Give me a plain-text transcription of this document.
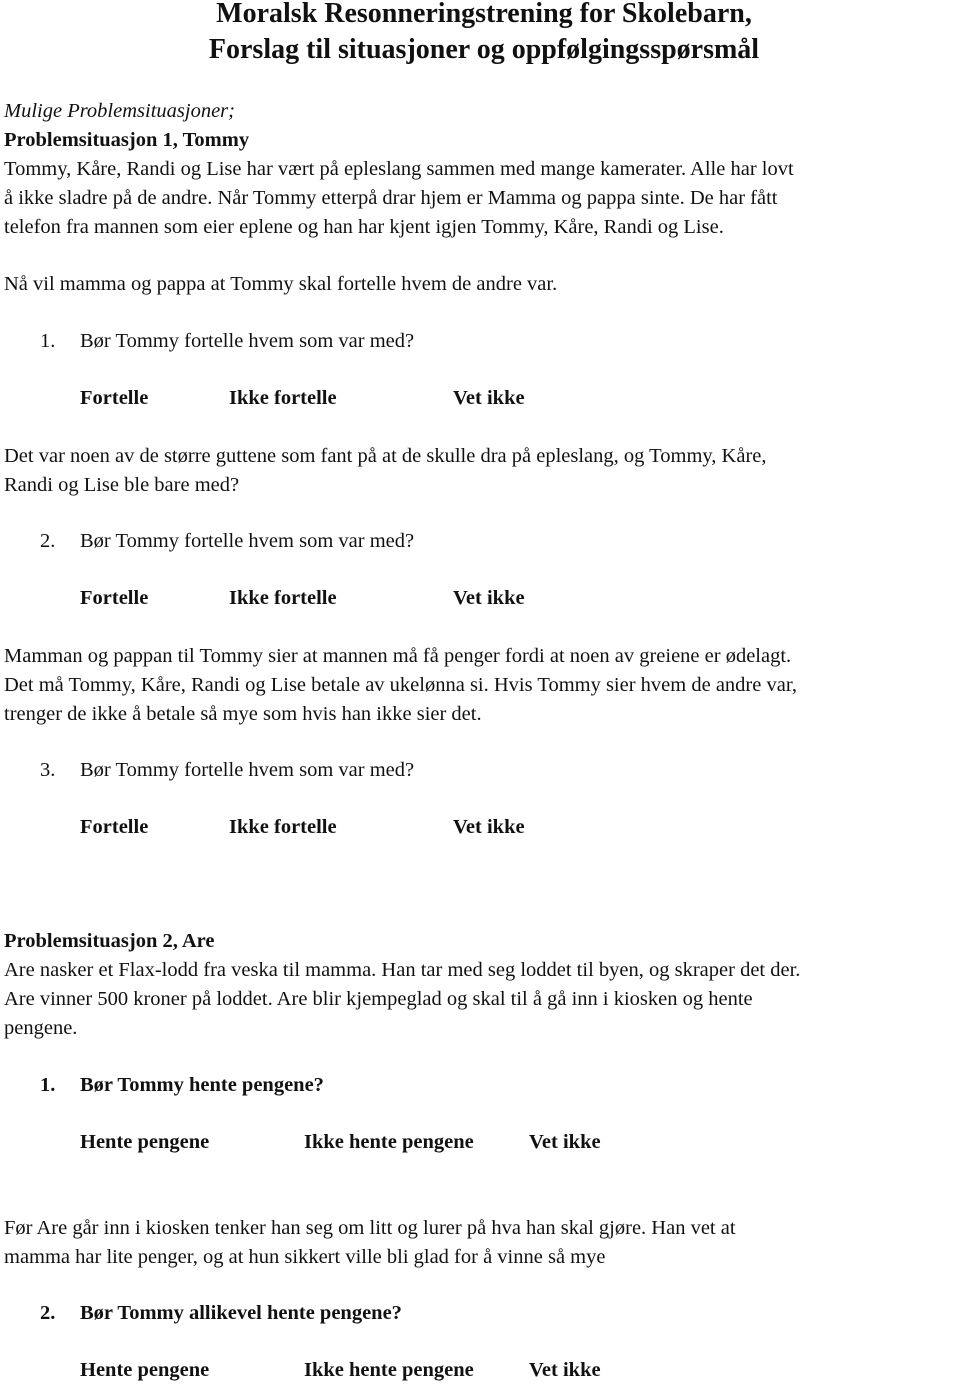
Moralsk Resonneringstrening for Skolebarn,
Forslag til situasjoner og oppfølgingsspørsmål
Mulige Problemsituasjoner;
Problemsituasjon 1, Tommy
Tommy, Kåre, Randi og Lise har vært på epleslang sammen med mange kamerater. Alle har lovt
å ikke sladre på de andre. Når Tommy etterpå drar hjem er Mamma og pappa sinte. De har fått
telefon fra mannen som eier eplene og han har kjent igjen Tommy, Kåre, Randi og Lise.
Nå vil mamma og pappa at Tommy skal fortelle hvem de andre var.
1. Bør Tommy fortelle hvem som var med?
Fortelle	Ikke fortelle	Vet ikke
Det var noen av de større guttene som fant på at de skulle dra på epleslang, og Tommy, Kåre,
Randi og Lise ble bare med?
2. Bør Tommy fortelle hvem som var med?
Fortelle	Ikke fortelle	Vet ikke
Mamman og pappan til Tommy sier at mannen må få penger fordi at noen av greiene er ødelagt.
Det må Tommy, Kåre, Randi og Lise betale av ukelønna si. Hvis Tommy sier hvem de andre var,
trenger de ikke å betale så mye som hvis han ikke sier det.
3. Bør Tommy fortelle hvem som var med?
Fortelle	Ikke fortelle	Vet ikke
Problemsituasjon 2, Are
Are nasker et Flax-lodd fra veska til mamma. Han tar med seg loddet til byen, og skraper det der.
Are vinner 500 kroner på loddet. Are blir kjempeglad og skal til å gå inn i kiosken og hente
pengene.
1. Bør Tommy hente pengene?
Hente pengene	Ikke hente pengene	Vet ikke
Før Are går inn i kiosken tenker han seg om litt og lurer på hva han skal gjøre. Han vet at
mamma har lite penger, og at hun sikkert ville bli glad for å vinne så mye
2. Bør Tommy allikevel hente pengene?
Hente pengene	Ikke hente pengene	Vet ikke
